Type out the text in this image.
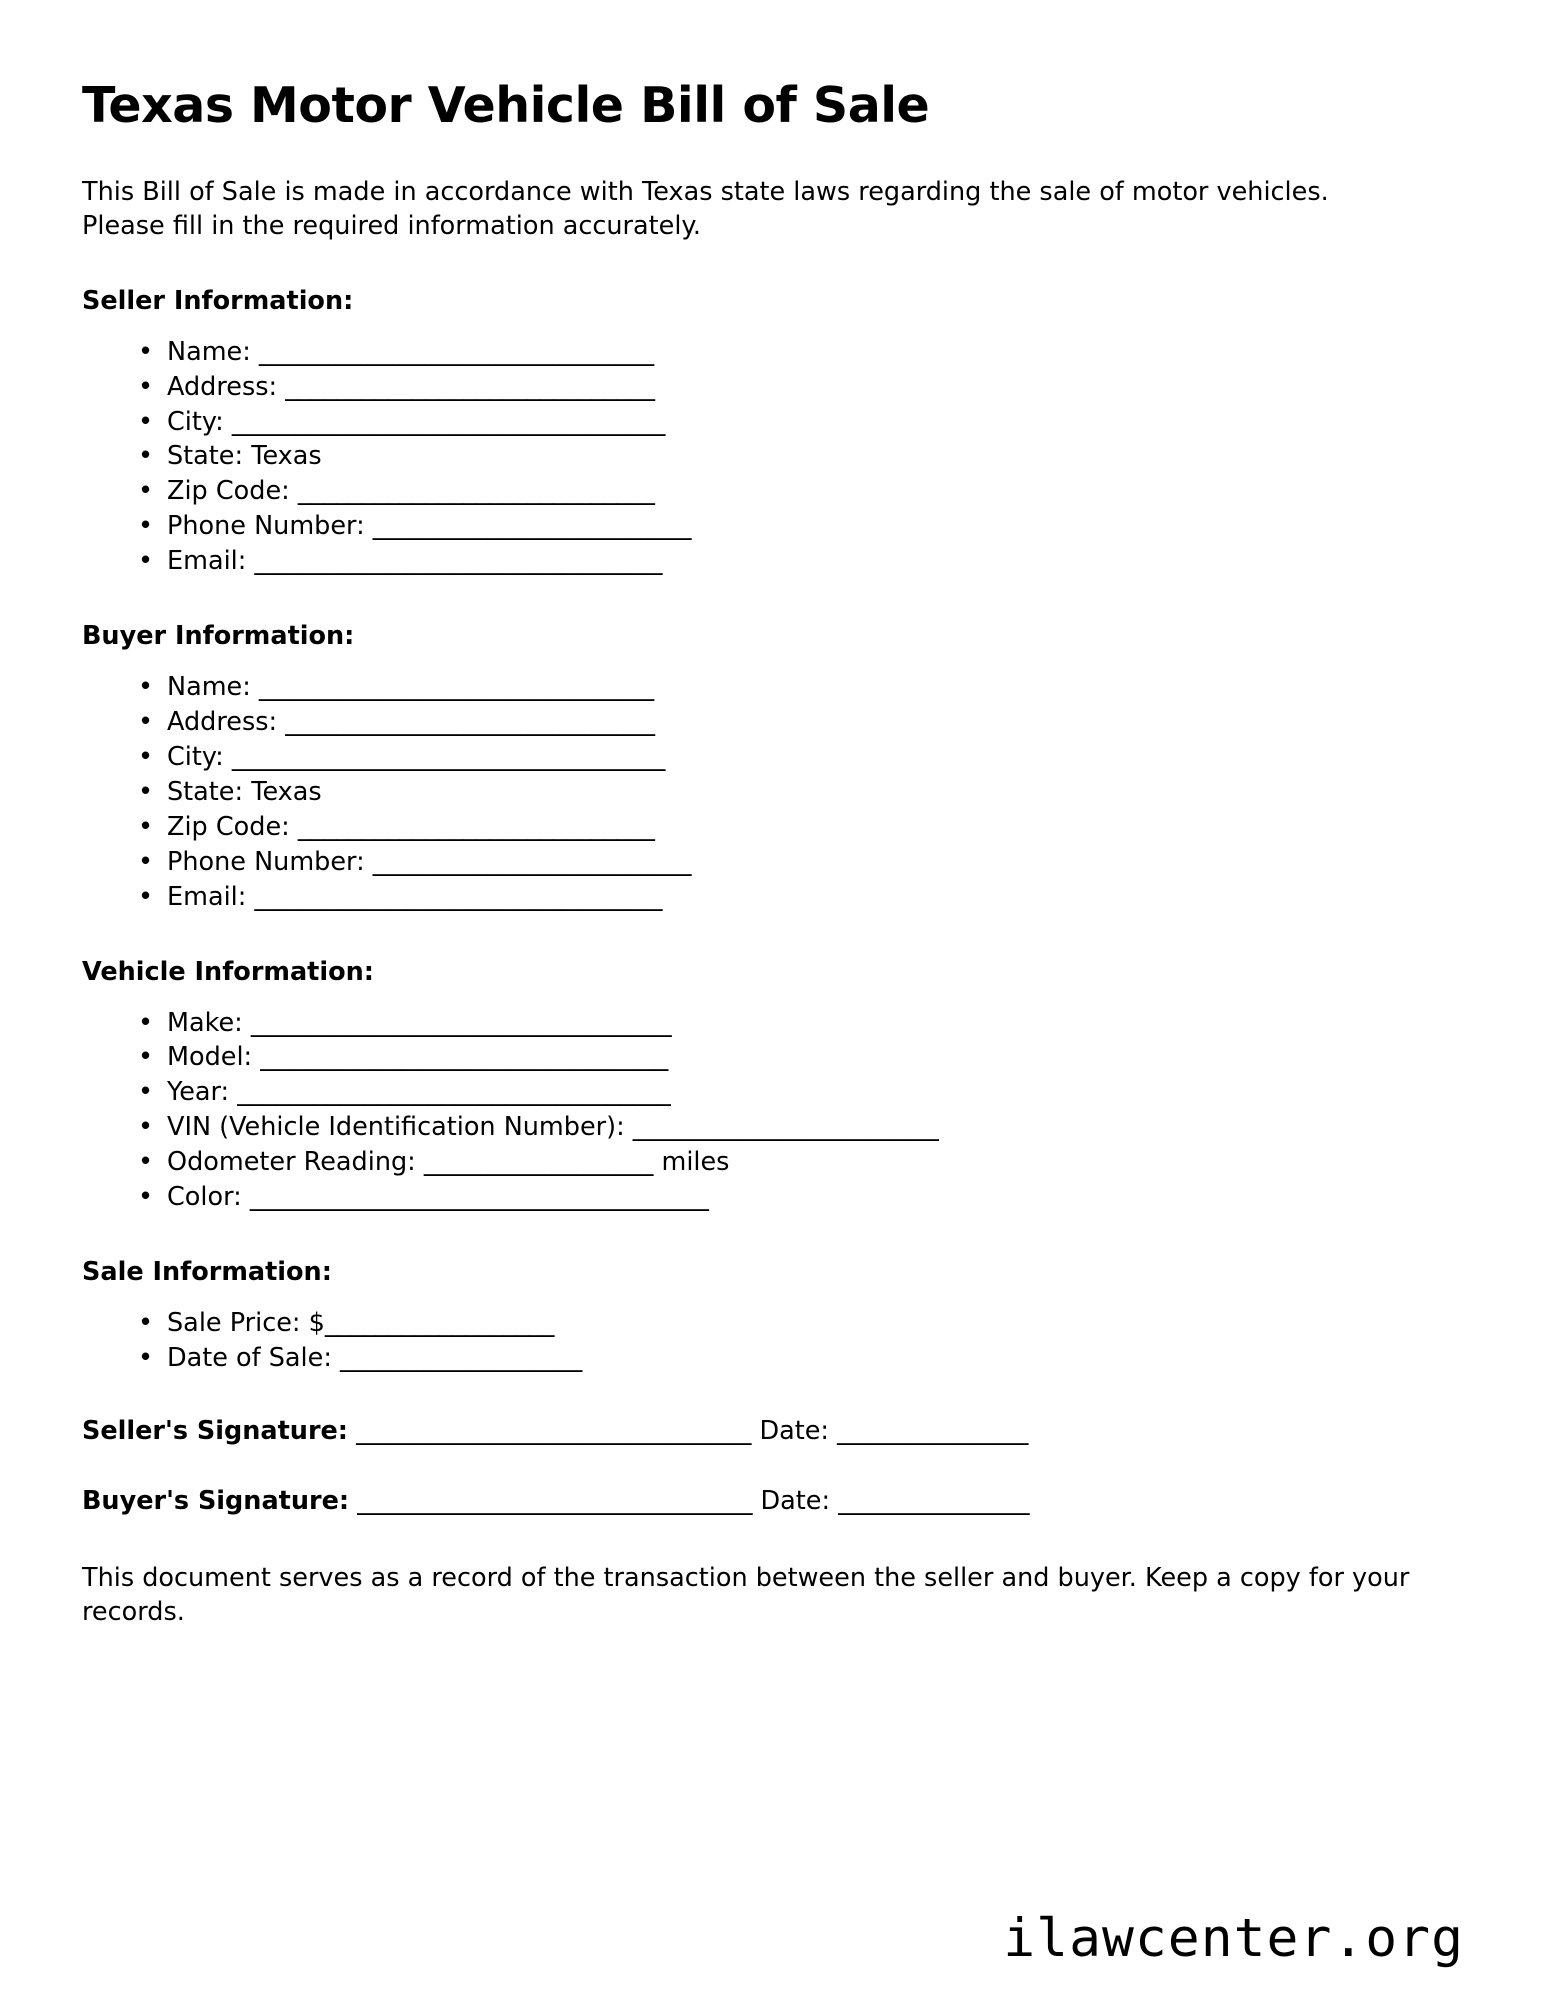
Texas Motor Vehicle Bill of Sale

This Bill of Sale is made in accordance with Texas state laws regarding the sale of motor vehicles. Please fill in the required information accurately.

Seller Information:
• Name: _______________________________
• Address: _____________________________
• City: __________________________________
• State: Texas
• Zip Code: ____________________________
• Phone Number: _________________________
• Email: ________________________________
Buyer Information:
• Name: _______________________________
• Address: _____________________________
• City: __________________________________
• State: Texas
• Zip Code: ____________________________
• Phone Number: _________________________
• Email: ________________________________
Vehicle Information:
• Make: _________________________________
• Model: ________________________________
• Year: __________________________________
• VIN (Vehicle Identification Number): ________________________
• Odometer Reading: __________________ miles
• Color: ____________________________________
Sale Information:
• Sale Price: $__________________
• Date of Sale: ___________________
Seller's Signature: _______________________________ Date: _______________
Buyer's Signature: _______________________________ Date: _______________

This document serves as a record of the transaction between the seller and buyer. Keep a copy for your records.

ilawcenter.org
